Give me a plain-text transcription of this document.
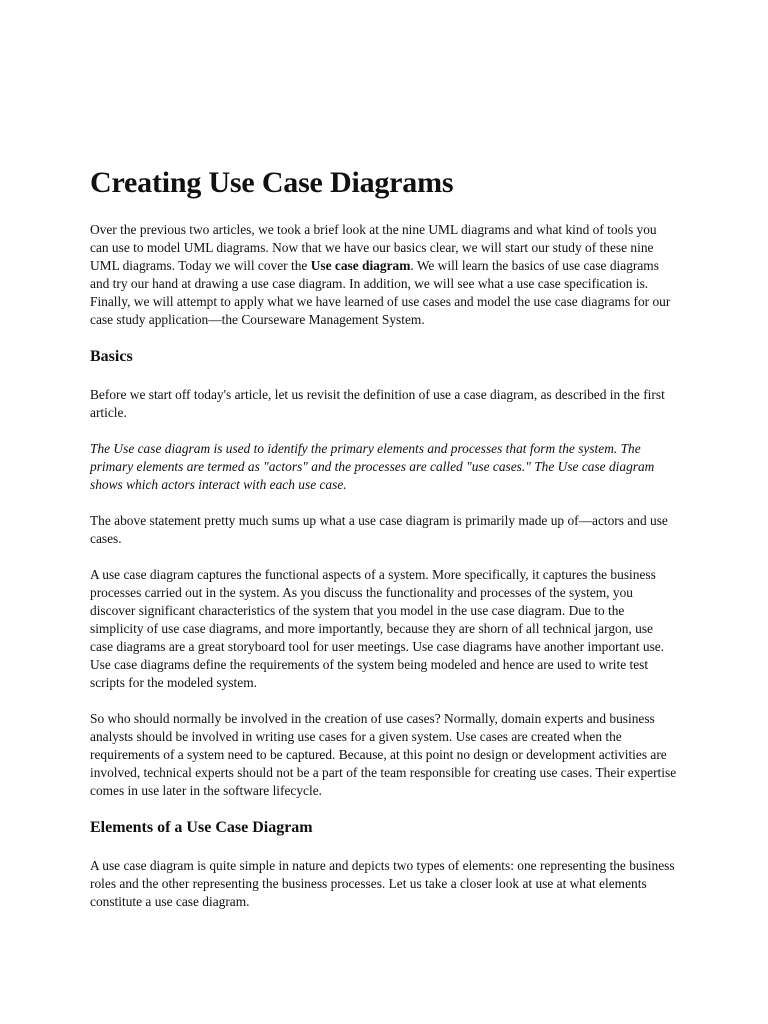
Creating Use Case Diagrams

Over the previous two articles, we took a brief look at the nine UML diagrams and what kind of tools you can use to model UML diagrams. Now that we have our basics clear, we will start our study of these nine UML diagrams. Today we will cover the Use case diagram. We will learn the basics of use case diagrams and try our hand at drawing a use case diagram. In addition, we will see what a use case specification is. Finally, we will attempt to apply what we have learned of use cases and model the use case diagrams for our case study application—the Courseware Management System.

Basics

Before we start off today's article, let us revisit the definition of use a case diagram, as described in the first article.

The Use case diagram is used to identify the primary elements and processes that form the system. The primary elements are termed as "actors" and the processes are called "use cases." The Use case diagram shows which actors interact with each use case.

The above statement pretty much sums up what a use case diagram is primarily made up of—actors and use cases.

A use case diagram captures the functional aspects of a system. More specifically, it captures the business processes carried out in the system. As you discuss the functionality and processes of the system, you discover significant characteristics of the system that you model in the use case diagram. Due to the simplicity of use case diagrams, and more importantly, because they are shorn of all technical jargon, use case diagrams are a great storyboard tool for user meetings. Use case diagrams have another important use. Use case diagrams define the requirements of the system being modeled and hence are used to write test scripts for the modeled system.

So who should normally be involved in the creation of use cases? Normally, domain experts and business analysts should be involved in writing use cases for a given system. Use cases are created when the requirements of a system need to be captured. Because, at this point no design or development activities are involved, technical experts should not be a part of the team responsible for creating use cases. Their expertise comes in use later in the software lifecycle.

Elements of a Use Case Diagram

A use case diagram is quite simple in nature and depicts two types of elements: one representing the business roles and the other representing the business processes. Let us take a closer look at use at what elements constitute a use case diagram.
